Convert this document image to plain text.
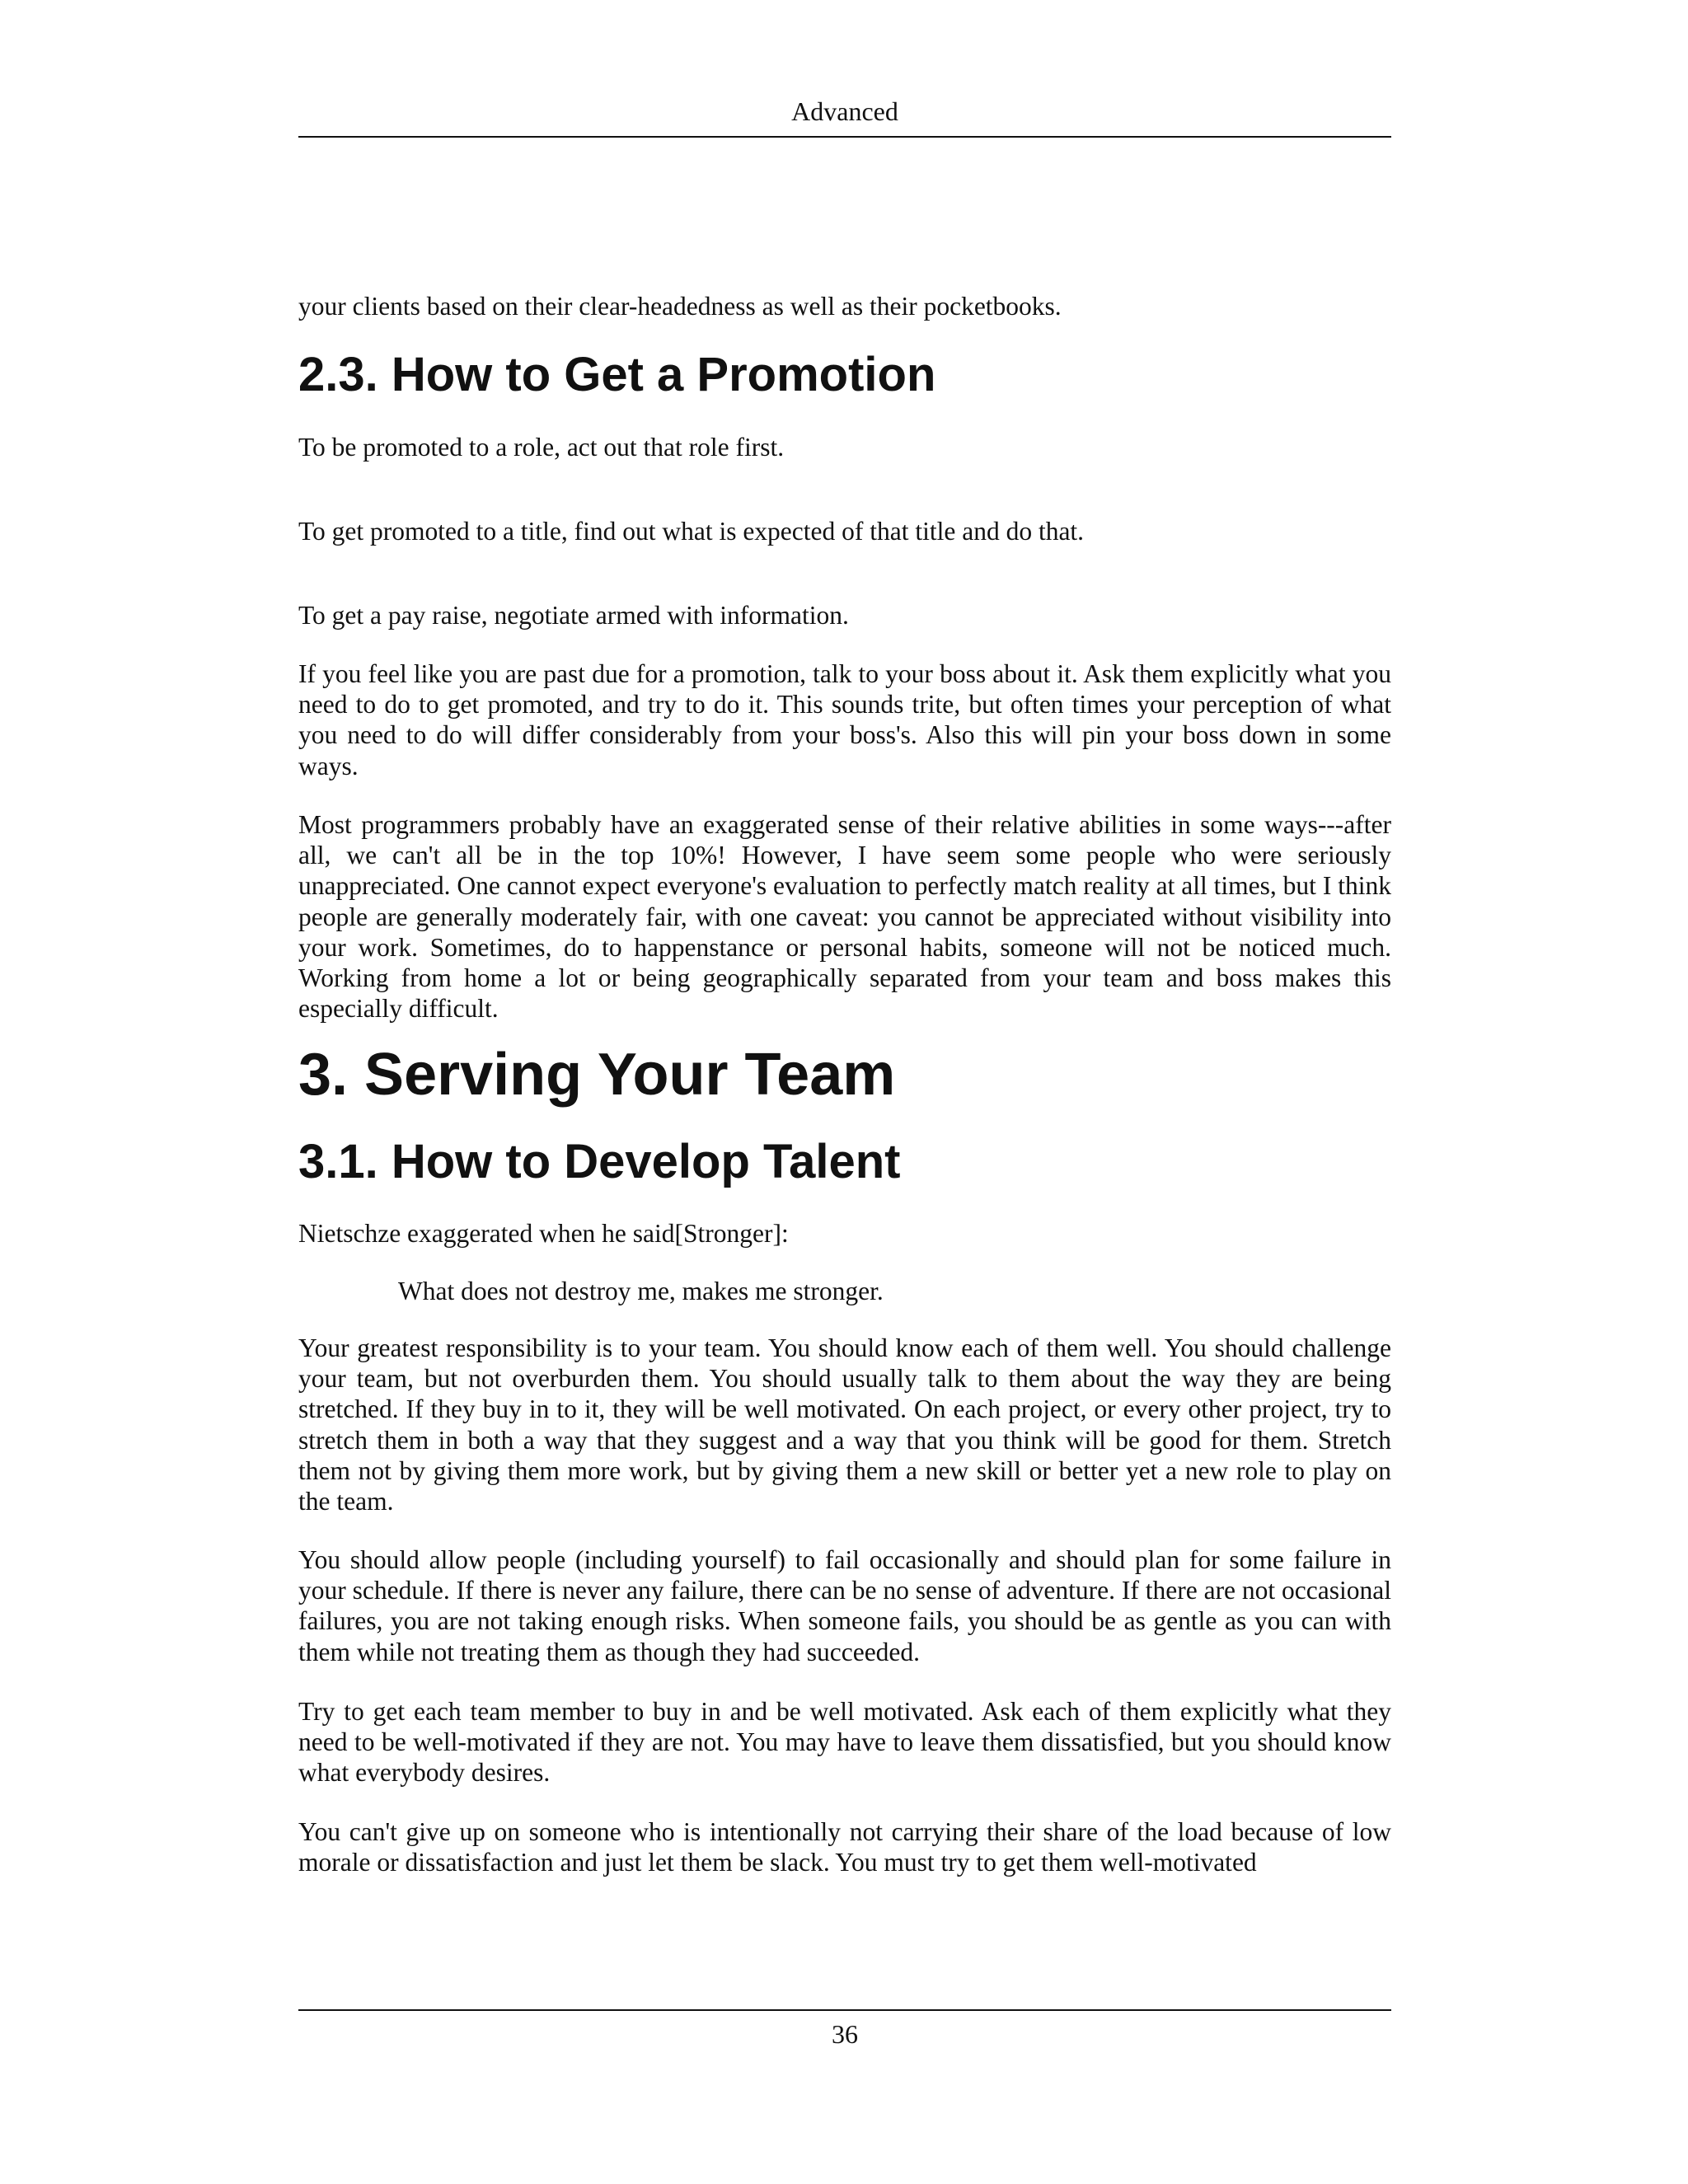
Advanced

your clients based on their clear-headedness as well as their pocketbooks.

2.3. How to Get a Promotion

To be promoted to a role, act out that role first.

To get promoted to a title, find out what is expected of that title and do that.

To get a pay raise, negotiate armed with information.

If you feel like you are past due for a promotion, talk to your boss about it. Ask them explicitly what you need to do to get promoted, and try to do it. This sounds trite, but often times your perception of what you need to do will differ considerably from your boss's. Also this will pin your boss down in some ways.

Most programmers probably have an exaggerated sense of their relative abilities in some ways---after all, we can't all be in the top 10%! However, I have seem some people who were seriously unappreciated. One cannot expect everyone's evaluation to perfectly match reality at all times, but I think people are generally moderately fair, with one caveat: you cannot be appreciated without visibility into your work. Sometimes, do to happenstance or personal habits, someone will not be noticed much. Working from home a lot or being geographically separated from your team and boss makes this especially difficult.

3. Serving Your Team
3.1. How to Develop Talent

Nietschze exaggerated when he said[Stronger]:

What does not destroy me, makes me stronger.

Your greatest responsibility is to your team. You should know each of them well. You should challenge your team, but not overburden them. You should usually talk to them about the way they are being stretched. If they buy in to it, they will be well motivated. On each project, or every other project, try to stretch them in both a way that they suggest and a way that you think will be good for them. Stretch them not by giving them more work, but by giving them a new skill or better yet a new role to play on the team.

You should allow people (including yourself) to fail occasionally and should plan for some failure in your schedule. If there is never any failure, there can be no sense of adventure. If there are not occasional failures, you are not taking enough risks. When someone fails, you should be as gentle as you can with them while not treating them as though they had succeeded.

Try to get each team member to buy in and be well motivated. Ask each of them explicitly what they need to be well-motivated if they are not. You may have to leave them dissatisfied, but you should know what everybody desires.

You can't give up on someone who is intentionally not carrying their share of the load because of low morale or dissatisfaction and just let them be slack. You must try to get them well-motivated

36
